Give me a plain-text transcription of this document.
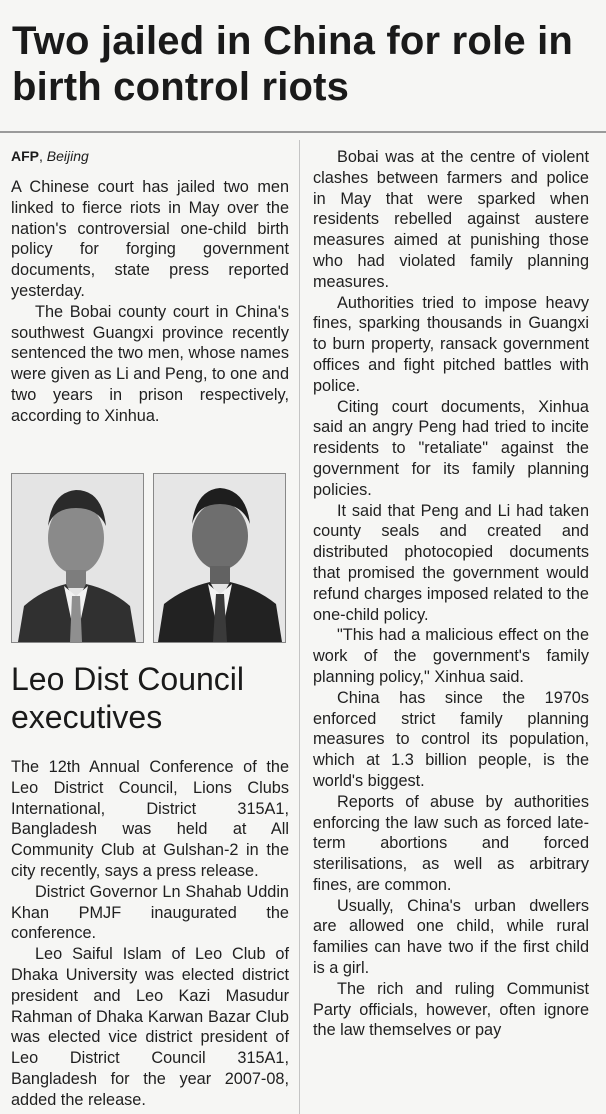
Two jailed in China for role in birth control riots
AFP, Beijing

A Chinese court has jailed two men linked to fierce riots in May over the nation's controversial one-child birth policy for forging government documents, state press reported yesterday.

The Bobai county court in China's southwest Guangxi province recently sentenced the two men, whose names were given as Li and Peng, to one and two years in prison respectively, according to Xinhua.

Leo Dist Council executives

The 12th Annual Conference of the Leo District Council, Lions Clubs International, District 315A1, Bangladesh was held at All Community Club at Gulshan-2 in the city recently, says a press release.

District Governor Ln Shahab Uddin Khan PMJF inaugurated the conference.

Leo Saiful Islam of Leo Club of Dhaka University was elected district president and Leo Kazi Masudur Rahman of Dhaka Karwan Bazar Club was elected vice district president of Leo District Council 315A1, Bangladesh for the year 2007-08, added the release.

Bobai was at the centre of violent clashes between farmers and police in May that were sparked when residents rebelled against austere measures aimed at punishing those who had violated family planning measures.

Authorities tried to impose heavy fines, sparking thousands in Guangxi to burn property, ransack government offices and fight pitched battles with police.

Citing court documents, Xinhua said an angry Peng had tried to incite residents to "retaliate" against the government for its family planning policies.

It said that Peng and Li had taken county seals and created and distributed photocopied documents that promised the government would refund charges imposed related to the one-child policy.

"This had a malicious effect on the work of the government's family planning policy," Xinhua said.

China has since the 1970s enforced strict family planning measures to control its population, which at 1.3 billion people, is the world's biggest.

Reports of abuse by authorities enforcing the law such as forced late-term abortions and forced sterilisations, as well as arbitrary fines, are common.

Usually, China's urban dwellers are allowed one child, while rural families can have two if the first child is a girl.

The rich and ruling Communist Party officials, however, often ignore the law themselves or pay
